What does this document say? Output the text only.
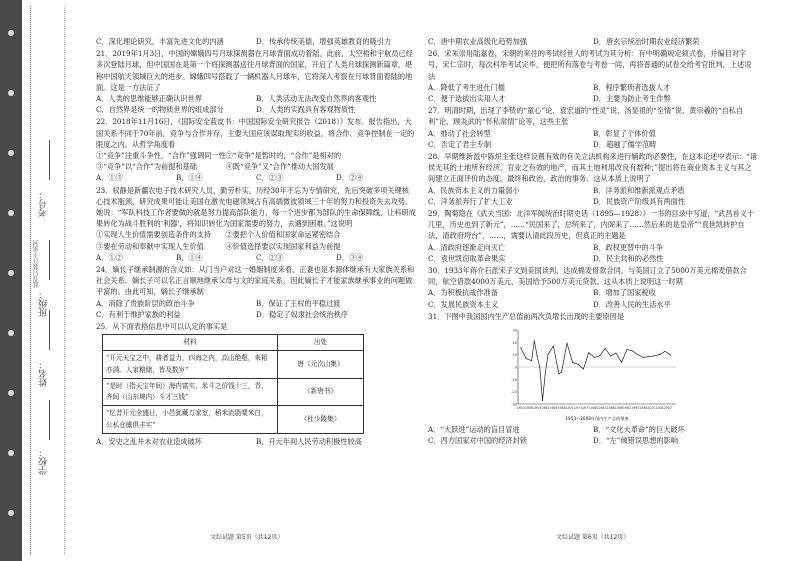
此卷只装订不密封
考号：
班级：
姓名：
学校：
C．深化理论研究，丰富先进文化的内涵	D．传承传统美德，增强英雄教育的吸引力
21．2019年1月3日，中国的嫦娥四号月球探测器在月球背面成功着陆。此前，太空梧和宇航员已经多次登陆月球，但中国国在是第一个将探测器送往月球背面的国家，开启了人类月球探测新篇章，堪称中国航天领域巨大的进步。嫦娥四号搭载了一辆机器人月球车，它将深入考察在月球背面着陆的地面。这是一方法证了
A．人类的思维能够正确认识世界	B．人类活动无法改变自然界的客观性
C．自然界是统一的物质世界的组成部分	D．人类的实践具有客观物质性
22．2018年11月16日，《国际安全蓝皮书：中国国际安全研究报告（2018）》发布。报告指出，大国关系不同于70年前，竞争与合作并存，主要大国应该谋取现实的收益，将合作、竞争控制在一定的限度之内。从哲学角度看
①“竞争”注重斗争性，“合作”强调同一性②“竞争”是暂时的，“合作”是相对的
③“竞争”以“合作”为前提和基础　　　　④既“竞争”又“合作”推动大国发展
A．①③	B．①④	C．②③	D．②④
23．权静是新疆农电子技术研究人员，勤劳朴实，历经30年不忘为专情研究，先后突破多项关键核心技术瓶颈，研究成果可能让美国在激光电磁领域占有高端微波领域三十年的努力和投资失去攻势。她说：“军队科技工作者要做的就是努力提高部队能力，每一个进步都为部队的生命保障线，让科研成果转化为战斗胜利的‘利器’，将知识转化为国家需要的努力，去遇到困难。”这说明
①实现人生价值需要创造条件的支持　　②要把个人价值和国家命运紧密结合
③要在劳动和奉献中实现人生价值　　　④价值选择要以实现国家利益为前提
A．①②	B．①④	C．②③	D．③④
24．嫡长子继承制源的含义如：从门当户对这一婚姻制度来看，正妻也是本源体继承有大家族关系和社会关系。嫡长子可以名正言顺地继承父母与文的家庭关系，因此嫡长子才能家族继承事业的问题做平富的。由此可知，嫡长子继承制
A．消除了贵族阶层的政治斗争	B．保证了王权的平稳过渡
C．有利于维护家族的利益	D．稳定了奴隶社会统治秩序
25．从下面表格信息中可以认定的事实是
材料	出处
“开元天宝之中，耕者益力，四海之内，高山绝壑，耒耜亦满。人家粮储，皆及数岁”	唐《元次山集》
“是时（指天宝年间）海内富实，米斗之价钱十三，青、齐间（山东境内）斗才三钱”	《新唐书》
“忆昔开元全盛日，小邑犹藏万家室，稻米流脂粟米白，公私仓廪俱丰实”	《杜少陵集》
A．安史之乱并未对农业造成破坏	B．开元年间人民劳动积极性较高
C．唐中期农业高级化趋势加强	D．唐玄宗统治时期农业经济繁荣
26．宋朱崇用陆嘉卷，宋朝的来往的考试经世人的考试为其分析：有中明确规定须式卷，并编目对字号，宋仁宗时，每次科举考试完毕，便把所有落卷与考卷一同，再将普通的试卷交给考官批判，上述说法
A．降低了考生进仕门槛	B．程序繁琐者选拔人才
C．便于选拔出实用人才	D．主要为防止考生作弊
27．明清时期，出现了李贽的“童心”论、袁宏道的“性灵”说、汤显祖的“至情”说、黄宗羲的“自私自利”论、顾炎武的“怀私常情”论等，这些主张
A．推动了社会转型	B．彰显了个体价值
C．否定了君主专制	D．超越了儒学范畴
28．早期维新派中陈炽主张这样设置有效的有关立法机构来进行辅政的必要性，在这本论述中表示：“诸侯无其的土地所有经济，官业之有效的地产，而其土地利用改良有数种；”提出将在商业资本主义与其之间建立正面评价的态度，最终和政治，政治的事务。这从本质上说明了
A．民族资本主义的力量弱小	B．洋务派和维新派观点矛盾
C．洋务派奔行了扩大工业	D．民族资产阶级具有两面性
29．陶菊隐在《武夫当国：北洋军阀统治时期史话（1895—1928）》一书的目录中写道，“武昌首义十几里，历史也到了新元”，……“民国来了，总统来了，内阁来了……然后来的是皇帝”“袁世凯转护自法，清政府垮台”，……，需要认清此段历史，但真正的主题是
A．清政府逐渐走向灭亡	B．政权更替中的斗争
C．袁世凯窃取革命果实	D．民主共和的必然性
30．1933年蒋介石派宋子文到美国谈判，达成棉麦借款合同，与美国订立了5000万美元棉麦借款合同，航空借款4000万美元，美国给予500万美元贷款。这从本质上说明这一时期
A．为积极抗战作准备	B．增加了国家税收
C．发展民族资本主义	D．改善人民的生活水平
31．下图中我国国内生产总值前两次负增长出现的主要原因是
30
20
10
0
-10
-20
-30
1953 1956 1959 1962 1965 1968 1971 1974 1977 1980 1983 1986 1989 1992 1995 1998 2001 2004 2007
1953—2008年国内生产总值增速
A．“大跃进”运动的盲目冒进	B．“文化大革命”的巨大破坏
C．西方国家对中国的经济封锁	D．“左”倾错误思想的影响
文综试题 第5页（共12页）	文综试题 第6页（共12页）
